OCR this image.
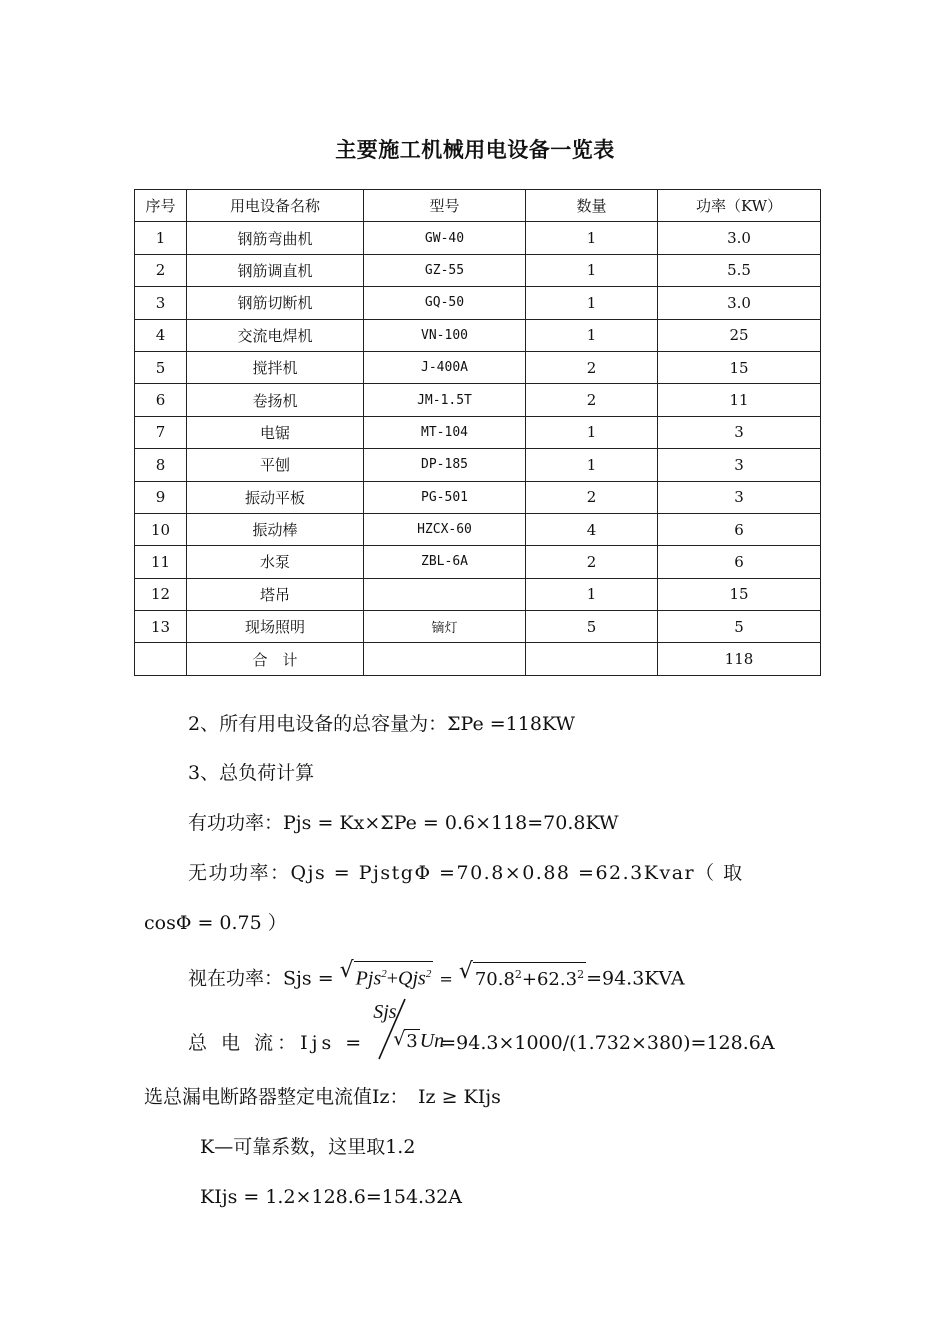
主要施工机械用电设备一览表
序号	用电设备名称	型号	数量	功率（KW）
1	钢筋弯曲机	GW-40	1	3.0
2	钢筋调直机	GZ-55	1	5.5
3	钢筋切断机	GQ-50	1	3.0
4	交流电焊机	VN-100	1	25
5	搅拌机	J-400A	2	15
6	卷扬机	JM-1.5T	2	11
7	电锯	MT-104	1	3
8	平刨	DP-185	1	3
9	振动平板	PG-501	2	3
10	振动棒	HZCX-60	4	6
11	水泵	ZBL-6A	2	6
12	塔吊		1	15
13	现场照明	镝灯	5	5
	合　计			118
2、所有用电设备的总容量为：ΣPe =118KW
3、总负荷计算
有功功率：Pjs = Kx×ΣPe = 0.6×118=70.8KW
无功功率：Qjs = PjstgΦ =70.8×0.88 =62.3Kvar（ 取
cosΦ = 0.75 ）
视在功率：Sjs = √ Pjs$^2$+Qjs$^2$ = √ $70.8^2+62.3^2 =94.3KVA$
总 电 流：Ijs =
Sjs
√ 3 Un
=94.3×1000/(1.732×380)=128.6A
选总漏电断路器整定电流值Iz：　Iz ≥ KIjs
K—可靠系数，这里取1.2
KIjs = 1.2×128.6=154.32A
